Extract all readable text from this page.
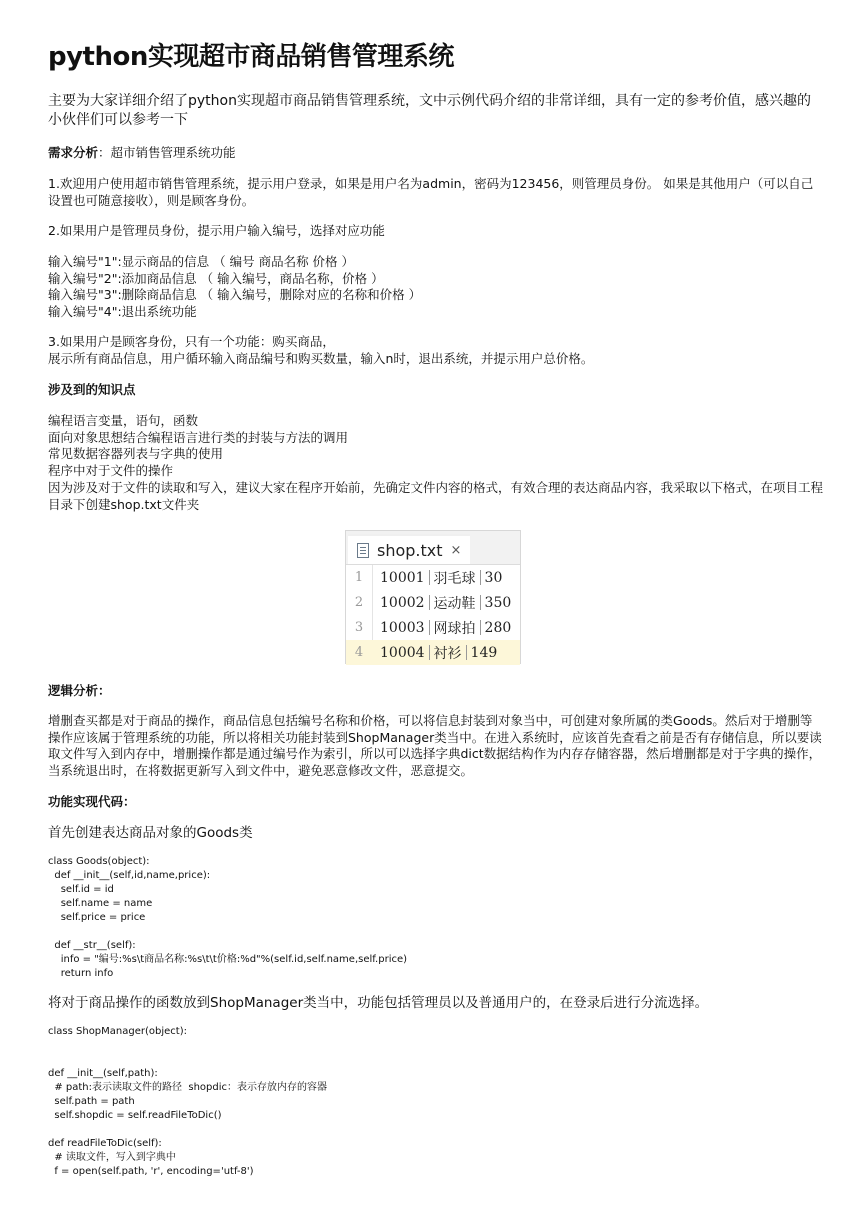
python实现超市商品销售管理系统
主要为大家详细介绍了python实现超市商品销售管理系统，文中示例代码介绍的非常详细，具有一定的参考价值，感兴趣的小伙伴们可以参考一下
需求分析：超市销售管理系统功能
1.欢迎用户使用超市销售管理系统，提示用户登录，如果是用户名为admin，密码为123456，则管理员身份。 如果是其他用户（可以自己设置也可随意接收），则是顾客身份。
2.如果用户是管理员身份，提示用户输入编号，选择对应功能
输入编号"1":显示商品的信息 （ 编号 商品名称 价格 ）
输入编号"2":添加商品信息 （ 输入编号，商品名称，价格 ）
输入编号"3":删除商品信息 （ 输入编号，删除对应的名称和价格 ）
输入编号"4":退出系统功能
3.如果用户是顾客身份，只有一个功能：购买商品，
展示所有商品信息，用户循环输入商品编号和购买数量，输入n时，退出系统，并提示用户总价格。
涉及到的知识点
编程语言变量，语句，函数
面向对象思想结合编程语言进行类的封装与方法的调用
常见数据容器列表与字典的使用
程序中对于文件的操作
因为涉及对于文件的读取和写入，建议大家在程序开始前，先确定文件内容的格式，有效合理的表达商品内容，我采取以下格式，在项目工程目录下创建shop.txt文件夹
shop.txt ×
1	10001 羽毛球 30
2	10002 运动鞋 350
3	10003 网球拍 280
4	10004 衬衫 149
逻辑分析：
增删查买都是对于商品的操作，商品信息包括编号名称和价格，可以将信息封装到对象当中，可创建对象所属的类Goods。然后对于增删等操作应该属于管理系统的功能，所以将相关功能封装到ShopManager类当中。在进入系统时，应该首先查看之前是否有存储信息，所以要读取文件写入到内存中，增删操作都是通过编号作为索引，所以可以选择字典dict数据结构作为内存存储容器，然后增删都是对于字典的操作，当系统退出时，在将数据更新写入到文件中，避免恶意修改文件，恶意提交。
功能实现代码：
首先创建表达商品对象的Goods类
class Goods(object):
def __init__(self,id,name,price):
self.id = id
self.name = name
self.price = price

def __str__(self):
info = "编号:%s\t商品名称:%s\t\t价格:%d"%(self.id,self.name,self.price)
return info
将对于商品操作的函数放到ShopManager类当中，功能包括管理员以及普通用户的，在登录后进行分流选择。
class ShopManager(object):

def __init__(self,path):
# path:表示读取文件的路径  shopdic：表示存放内存的容器
self.path = path
self.shopdic = self.readFileToDic()

def readFileToDic(self):
# 读取文件，写入到字典中
f = open(self.path, 'r', encoding='utf-8')
